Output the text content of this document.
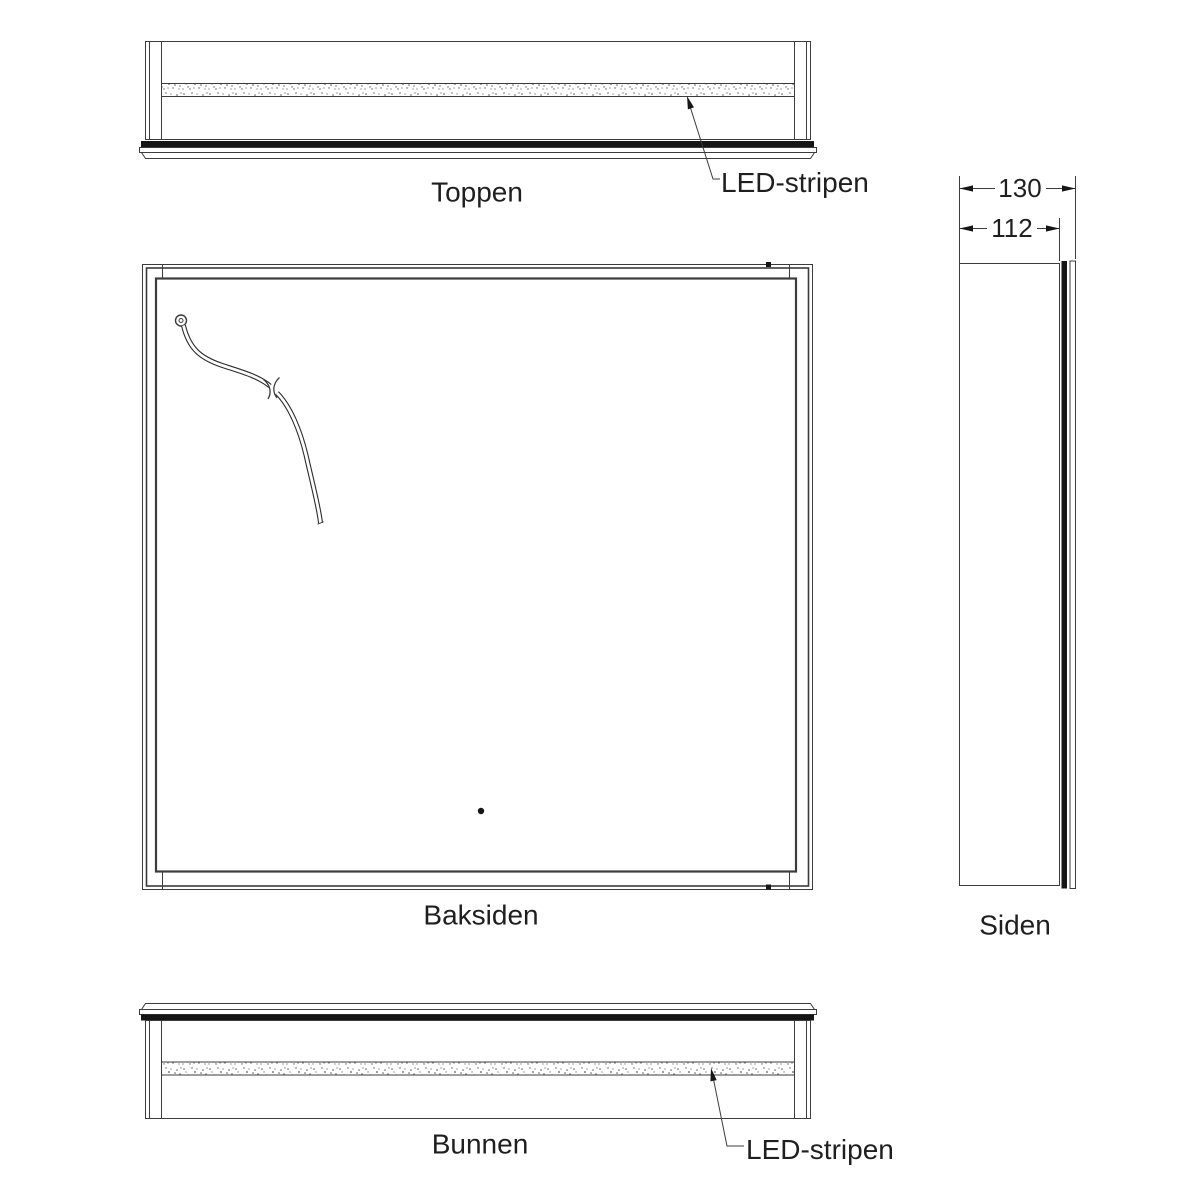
Toppen	LED-stripen
Baksiden
130
112
Siden
Bunnen	LED-stripen
